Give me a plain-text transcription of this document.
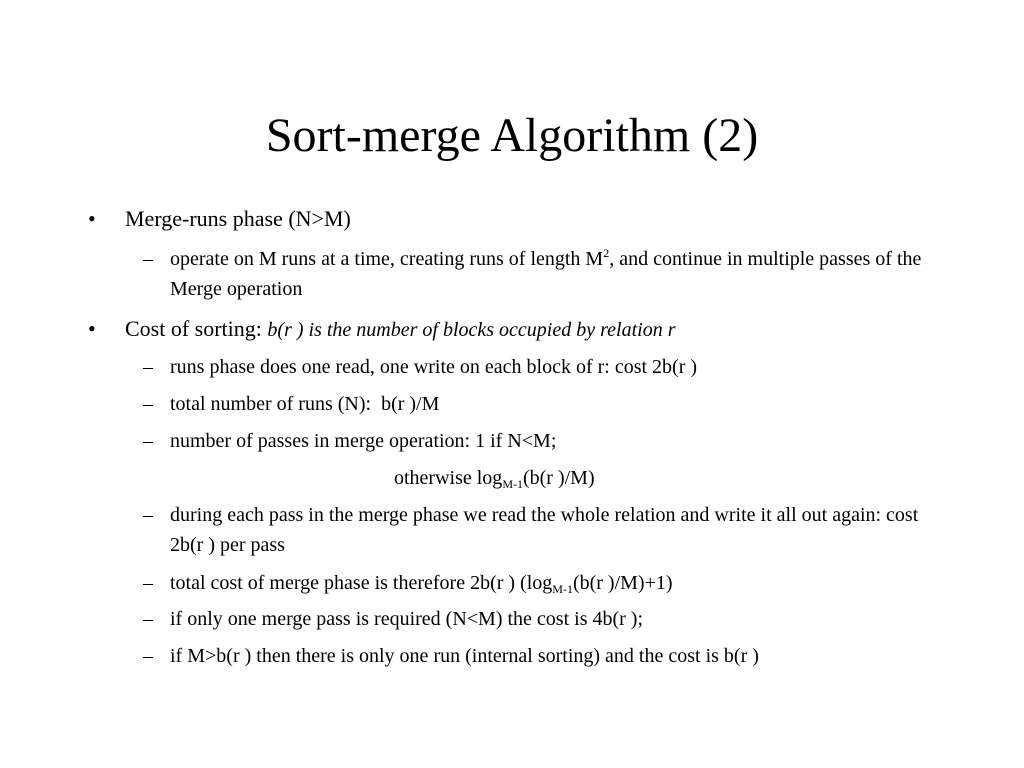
Sort-merge Algorithm (2)
•	Merge-runs phase (N>M)
– operate on M runs at a time, creating runs of length $M^2$, and continue in multiple passes of the Merge operation
•	Cost of sorting: b(r ) is the number of blocks occupied by relation r
– runs phase does one read, one write on each block of r: cost 2b(r )
– total number of runs (N):  b(r )/M
– number of passes in merge operation: 1 if N<M;
otherwise $\log_{M-1}(b(r$ )/M)
– during each pass in the merge phase we read the whole relation and write it all out again: cost 2b(r ) per pass
– total cost of merge phase is therefore 2b(r ) ($\log_{M-1}(b(r$ )/M)+1)
– if only one merge pass is required (N<M) the cost is 4b(r );
– if M>b(r ) then there is only one run (internal sorting) and the cost is b(r )
